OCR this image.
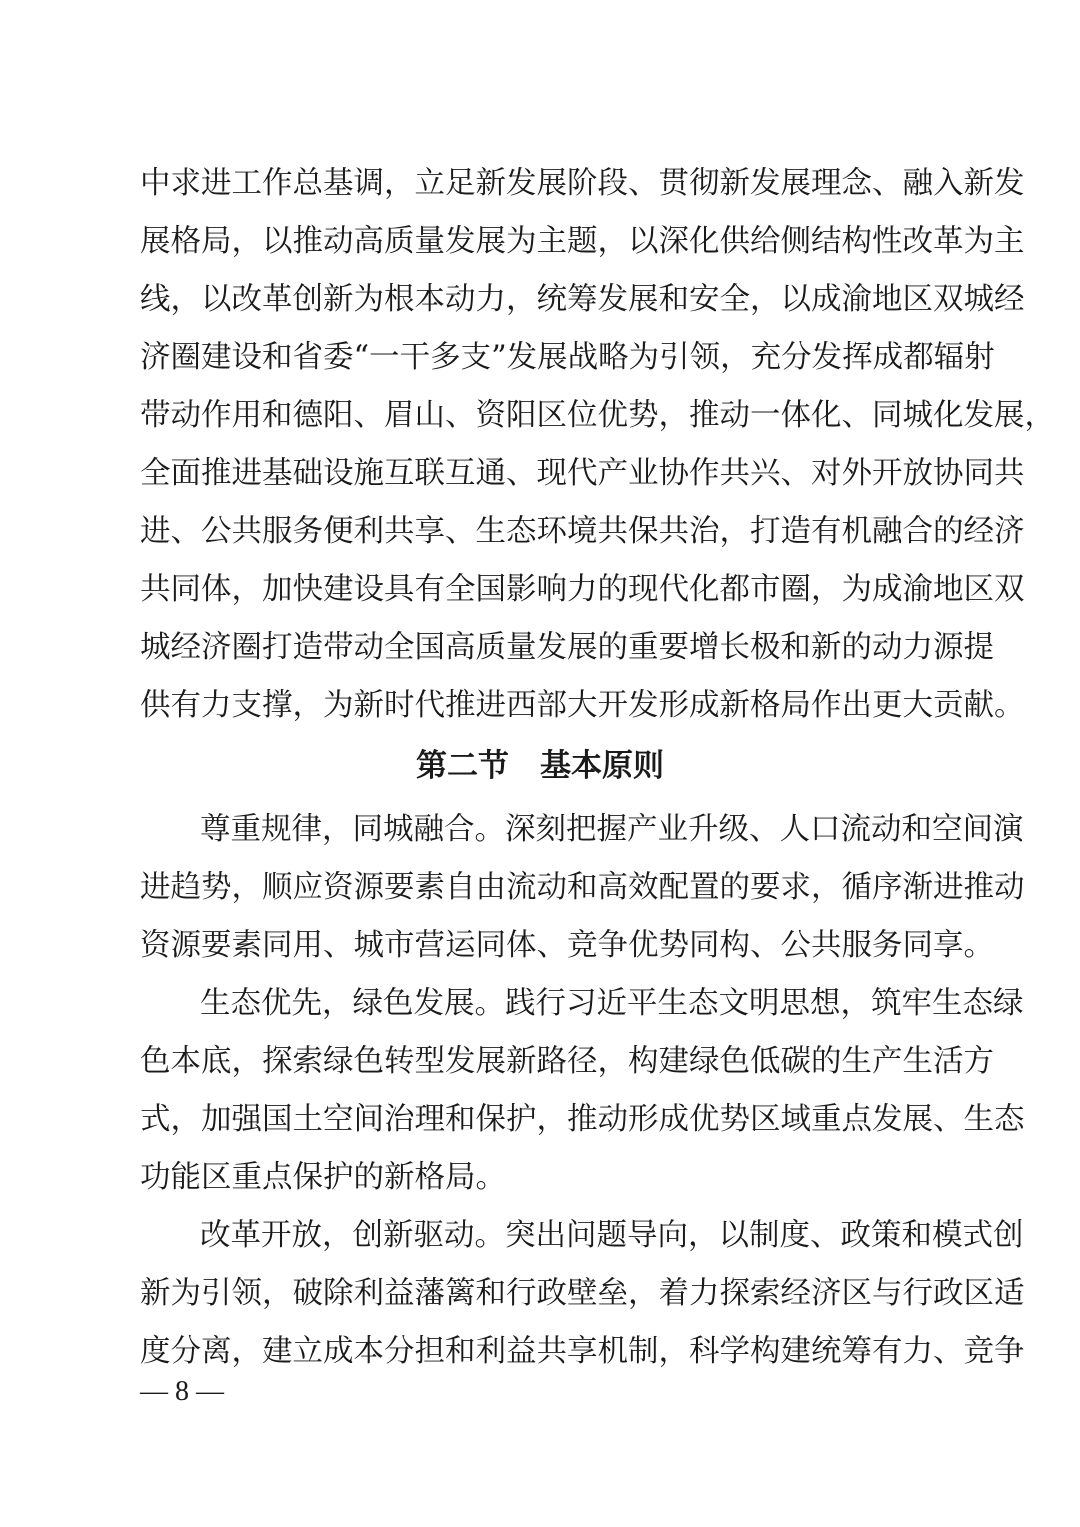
中求进工作总基调，立足新发展阶段、贯彻新发展理念、融入新发
展格局，以推动高质量发展为主题，以深化供给侧结构性改革为主
线，以改革创新为根本动力，统筹发展和安全，以成渝地区双城经
济圈建设和省委“一干多支”发展战略为引领，充分发挥成都辐射
带动作用和德阳、眉山、资阳区位优势，推动一体化、同城化发展，
全面推进基础设施互联互通、现代产业协作共兴、对外开放协同共
进、公共服务便利共享、生态环境共保共治，打造有机融合的经济
共同体，加快建设具有全国影响力的现代化都市圈，为成渝地区双
城经济圈打造带动全国高质量发展的重要增长极和新的动力源提
供有力支撑，为新时代推进西部大开发形成新格局作出更大贡献。
第二节　基本原则
尊重规律，同城融合。深刻把握产业升级、人口流动和空间演
进趋势，顺应资源要素自由流动和高效配置的要求，循序渐进推动
资源要素同用、城市营运同体、竞争优势同构、公共服务同享。
生态优先，绿色发展。践行习近平生态文明思想，筑牢生态绿
色本底，探索绿色转型发展新路径，构建绿色低碳的生产生活方
式，加强国土空间治理和保护，推动形成优势区域重点发展、生态
功能区重点保护的新格局。
改革开放，创新驱动。突出问题导向，以制度、政策和模式创
新为引领，破除利益藩篱和行政壁垒，着力探索经济区与行政区适
度分离，建立成本分担和利益共享机制，科学构建统筹有力、竞争
— 8 —
